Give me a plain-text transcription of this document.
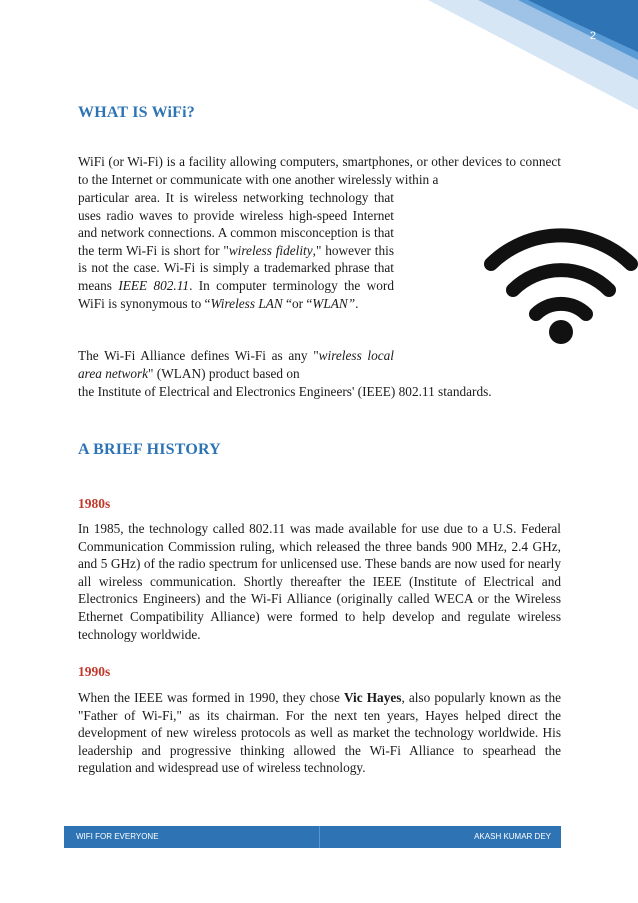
2
WHAT IS WiFi?

WiFi (or Wi-Fi) is a facility allowing computers, smartphones, or other devices to connect to the Internet or communicate with one another wirelessly within a

particular area. It is wireless networking technology that uses radio waves to provide wireless high-speed Internet and network connections. A common misconception is that the term Wi-Fi is short for "wireless fidelity," however this is not the case. Wi-Fi is simply a trademarked phrase that means IEEE 802.11. In computer terminology the word WiFi is synonymous to “Wireless LAN “or “WLAN”.

The Wi-Fi Alliance defines Wi-Fi as any "wireless local area network" (WLAN) product based on

the Institute of Electrical and Electronics Engineers' (IEEE) 802.11 standards.

A BRIEF HISTORY
1980s

In 1985, the technology called 802.11 was made available for use due to a U.S. Federal Communication Commission ruling, which released the three bands 900 MHz, 2.4 GHz, and 5 GHz) of the radio spectrum for unlicensed use. These bands are now used for nearly all wireless communication. Shortly thereafter the IEEE (Institute of Electrical and Electronics Engineers) and the Wi-Fi Alliance (originally called WECA or the Wireless Ethernet Compatibility Alliance) were formed to help develop and regulate wireless technology worldwide.

1990s

When the IEEE was formed in 1990, they chose Vic Hayes, also popularly known as the "Father of Wi-Fi," as its chairman. For the next ten years, Hayes helped direct the development of new wireless protocols as well as market the technology worldwide. His leadership and progressive thinking allowed the Wi-Fi Alliance to spearhead the regulation and widespread use of wireless technology.

WIFI FOR EVERYONE	AKASH KUMAR DEY
